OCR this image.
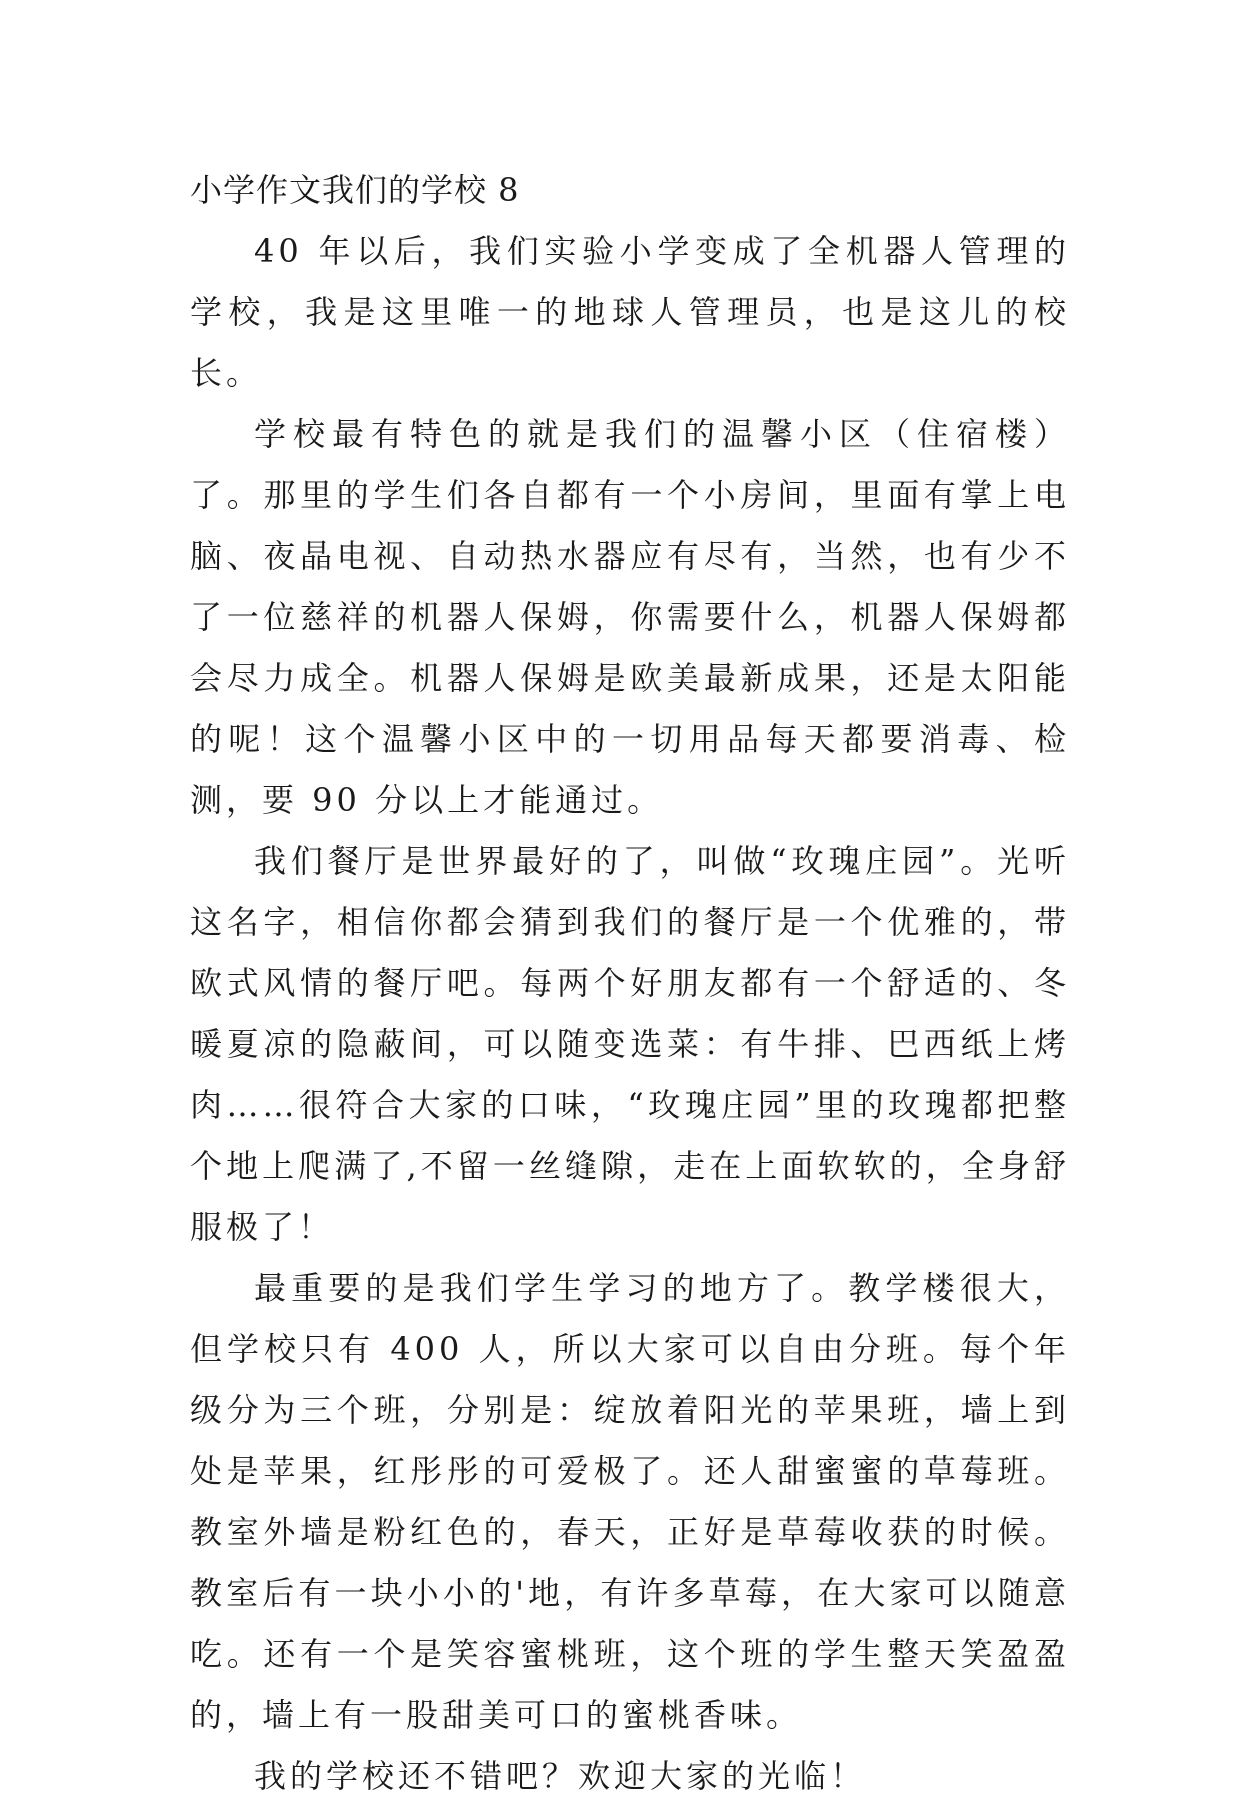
小学作文我们的学校 8

40 年以后，我们实验小学变成了全机器人管理的学校，我是这里唯一的地球人管理员，也是这儿的校长。

学校最有特色的就是我们的温馨小区（住宿楼）了。那里的学生们各自都有一个小房间，里面有掌上电脑、夜晶电视、自动热水器应有尽有，当然，也有少不了一位慈祥的机器人保姆，你需要什么，机器人保姆都会尽力成全。机器人保姆是欧美最新成果，还是太阳能的呢！这个温馨小区中的一切用品每天都要消毒、检测，要 90 分以上才能通过。

我们餐厅是世界最好的了，叫做“玫瑰庄园”。光听这名字，相信你都会猜到我们的餐厅是一个优雅的，带欧式风情的餐厅吧。每两个好朋友都有一个舒适的、冬暖夏凉的隐蔽间，可以随变选菜：有牛排、巴西纸上烤肉……很符合大家的口味，“玫瑰庄园”里的玫瑰都把整个地上爬满了,不留一丝缝隙，走在上面软软的，全身舒服极了！

最重要的是我们学生学习的地方了。教学楼很大，但学校只有 400 人，所以大家可以自由分班。每个年级分为三个班，分别是：绽放着阳光的苹果班，墙上到处是苹果，红彤彤的可爱极了。还人甜蜜蜜的草莓班。教室外墙是粉红色的，春天，正好是草莓收获的时候。教室后有一块小小的'地，有许多草莓，在大家可以随意吃。还有一个是笑容蜜桃班，这个班的学生整天笑盈盈的，墙上有一股甜美可口的蜜桃香味。

我的学校还不错吧？欢迎大家的光临！
